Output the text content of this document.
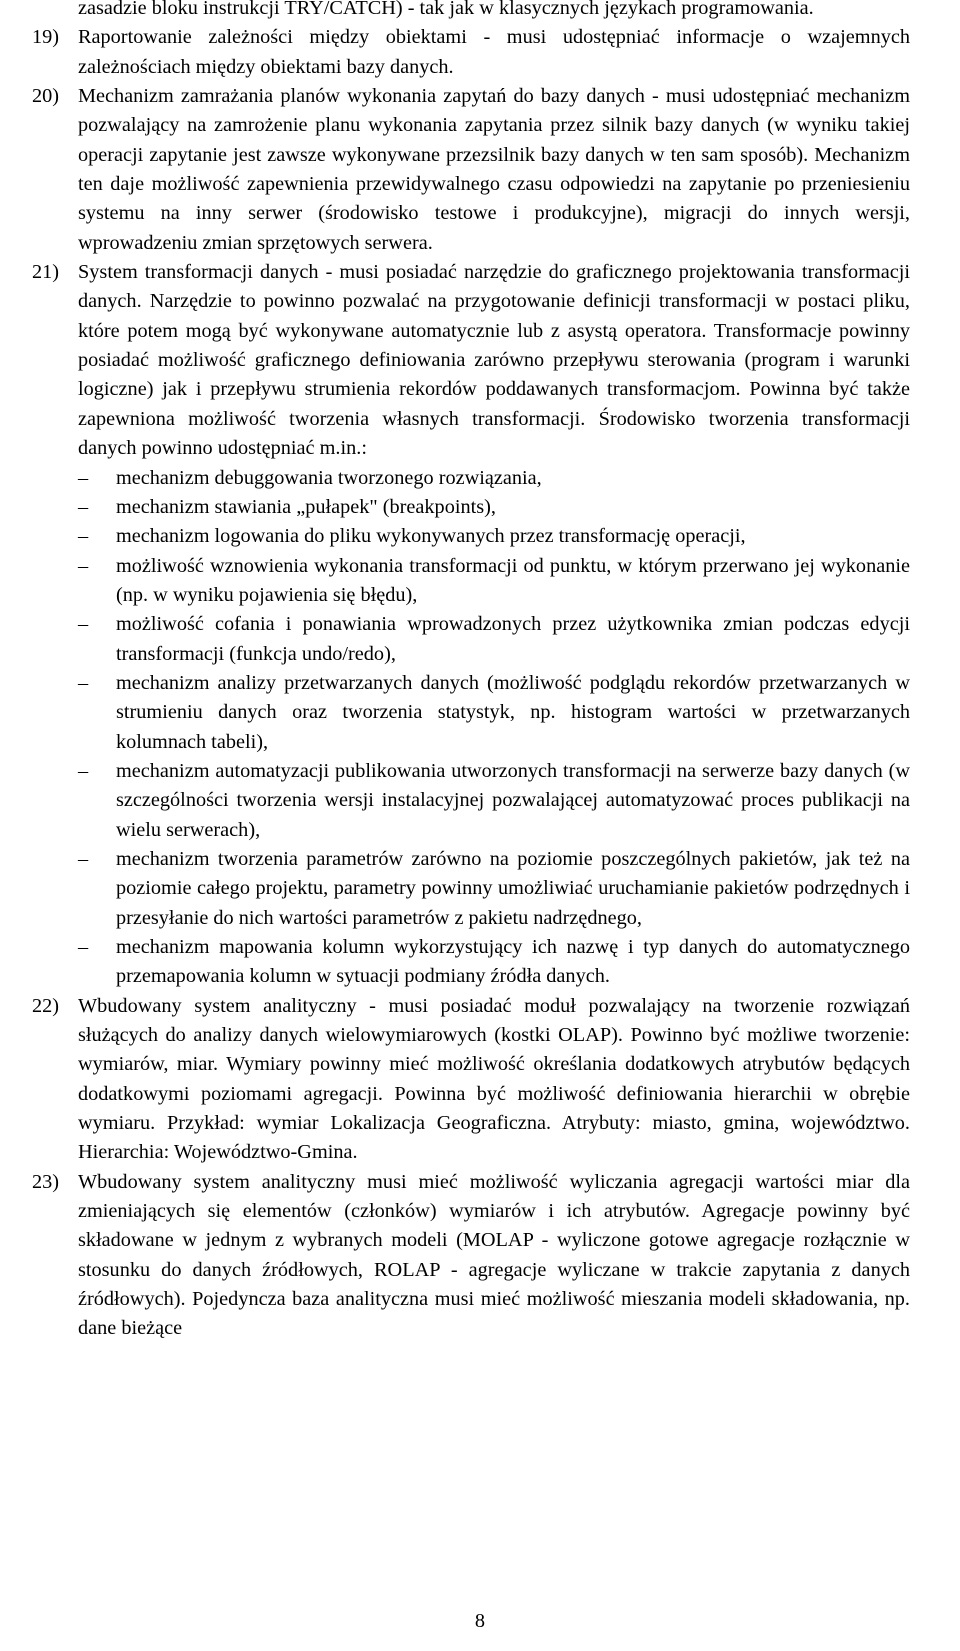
zasadzie bloku instrukcji TRY/CATCH) - tak jak w klasycznych językach programowania.

19) Raportowanie zależności między obiektami - musi udostępniać informacje o wzajemnych zależnościach między obiektami bazy danych.

20) Mechanizm zamrażania planów wykonania zapytań do bazy danych - musi udostępniać mechanizm pozwalający na zamrożenie planu wykonania zapytania przez silnik bazy danych (w wyniku takiej operacji zapytanie jest zawsze wykonywane przezsilnik bazy danych w ten sam sposób). Mechanizm ten daje możliwość zapewnienia przewidywalnego czasu odpowiedzi na zapytanie po przeniesieniu systemu na inny serwer (środowisko testowe i produkcyjne), migracji do innych wersji, wprowadzeniu zmian sprzętowych serwera.

21) System transformacji danych - musi posiadać narzędzie do graficznego projektowania transformacji danych. Narzędzie to powinno pozwalać na przygotowanie definicji transformacji w postaci pliku, które potem mogą być wykonywane automatycznie lub z asystą operatora. Transformacje powinny posiadać możliwość graficznego definiowania zarówno przepływu sterowania (program i warunki logiczne) jak i przepływu strumienia rekordów poddawanych transformacjom. Powinna być także zapewniona możliwość tworzenia własnych transformacji. Środowisko tworzenia transformacji danych powinno udostępniać m.in.:

–	mechanizm debuggowania tworzonego rozwiązania,
–	mechanizm stawiania „pułapek" (breakpoints),
–	mechanizm logowania do pliku wykonywanych przez transformację operacji,
–	możliwość wznowienia wykonania transformacji od punktu, w którym przerwano jej wykonanie (np. w wyniku pojawienia się błędu),
–	możliwość cofania i ponawiania wprowadzonych przez użytkownika zmian podczas edycji transformacji (funkcja undo/redo),
–	mechanizm analizy przetwarzanych danych (możliwość podglądu rekordów przetwarzanych w strumieniu danych oraz tworzenia statystyk, np. histogram wartości w przetwarzanych kolumnach tabeli),
–	mechanizm automatyzacji publikowania utworzonych transformacji na serwerze bazy danych (w szczególności tworzenia wersji instalacyjnej pozwalającej automatyzować proces publikacji na wielu serwerach),
–	mechanizm tworzenia parametrów zarówno na poziomie poszczególnych pakietów, jak też na poziomie całego projektu, parametry powinny umożliwiać uruchamianie pakietów podrzędnych i przesyłanie do nich wartości parametrów z pakietu nadrzędnego,
–	mechanizm mapowania kolumn wykorzystujący ich nazwę i typ danych do automatycznego przemapowania kolumn w sytuacji podmiany źródła danych.
22) Wbudowany system analityczny - musi posiadać moduł pozwalający na tworzenie rozwiązań służących do analizy danych wielowymiarowych (kostki OLAP). Powinno być możliwe tworzenie: wymiarów, miar. Wymiary powinny mieć możliwość określania dodatkowych atrybutów będących dodatkowymi poziomami agregacji. Powinna być możliwość definiowania hierarchii w obrębie wymiaru. Przykład: wymiar Lokalizacja Geograficzna. Atrybuty: miasto, gmina, województwo. Hierarchia: Województwo-Gmina.

23) Wbudowany system analityczny musi mieć możliwość wyliczania agregacji wartości miar dla zmieniających się elementów (członków) wymiarów i ich atrybutów. Agregacje powinny być składowane w jednym z wybranych modeli (MOLAP - wyliczone gotowe agregacje rozłącznie w stosunku do danych źródłowych, ROLAP - agregacje wyliczane w trakcie zapytania z danych źródłowych). Pojedyncza baza analityczna musi mieć możliwość mieszania modeli składowania, np. dane bieżące

8
